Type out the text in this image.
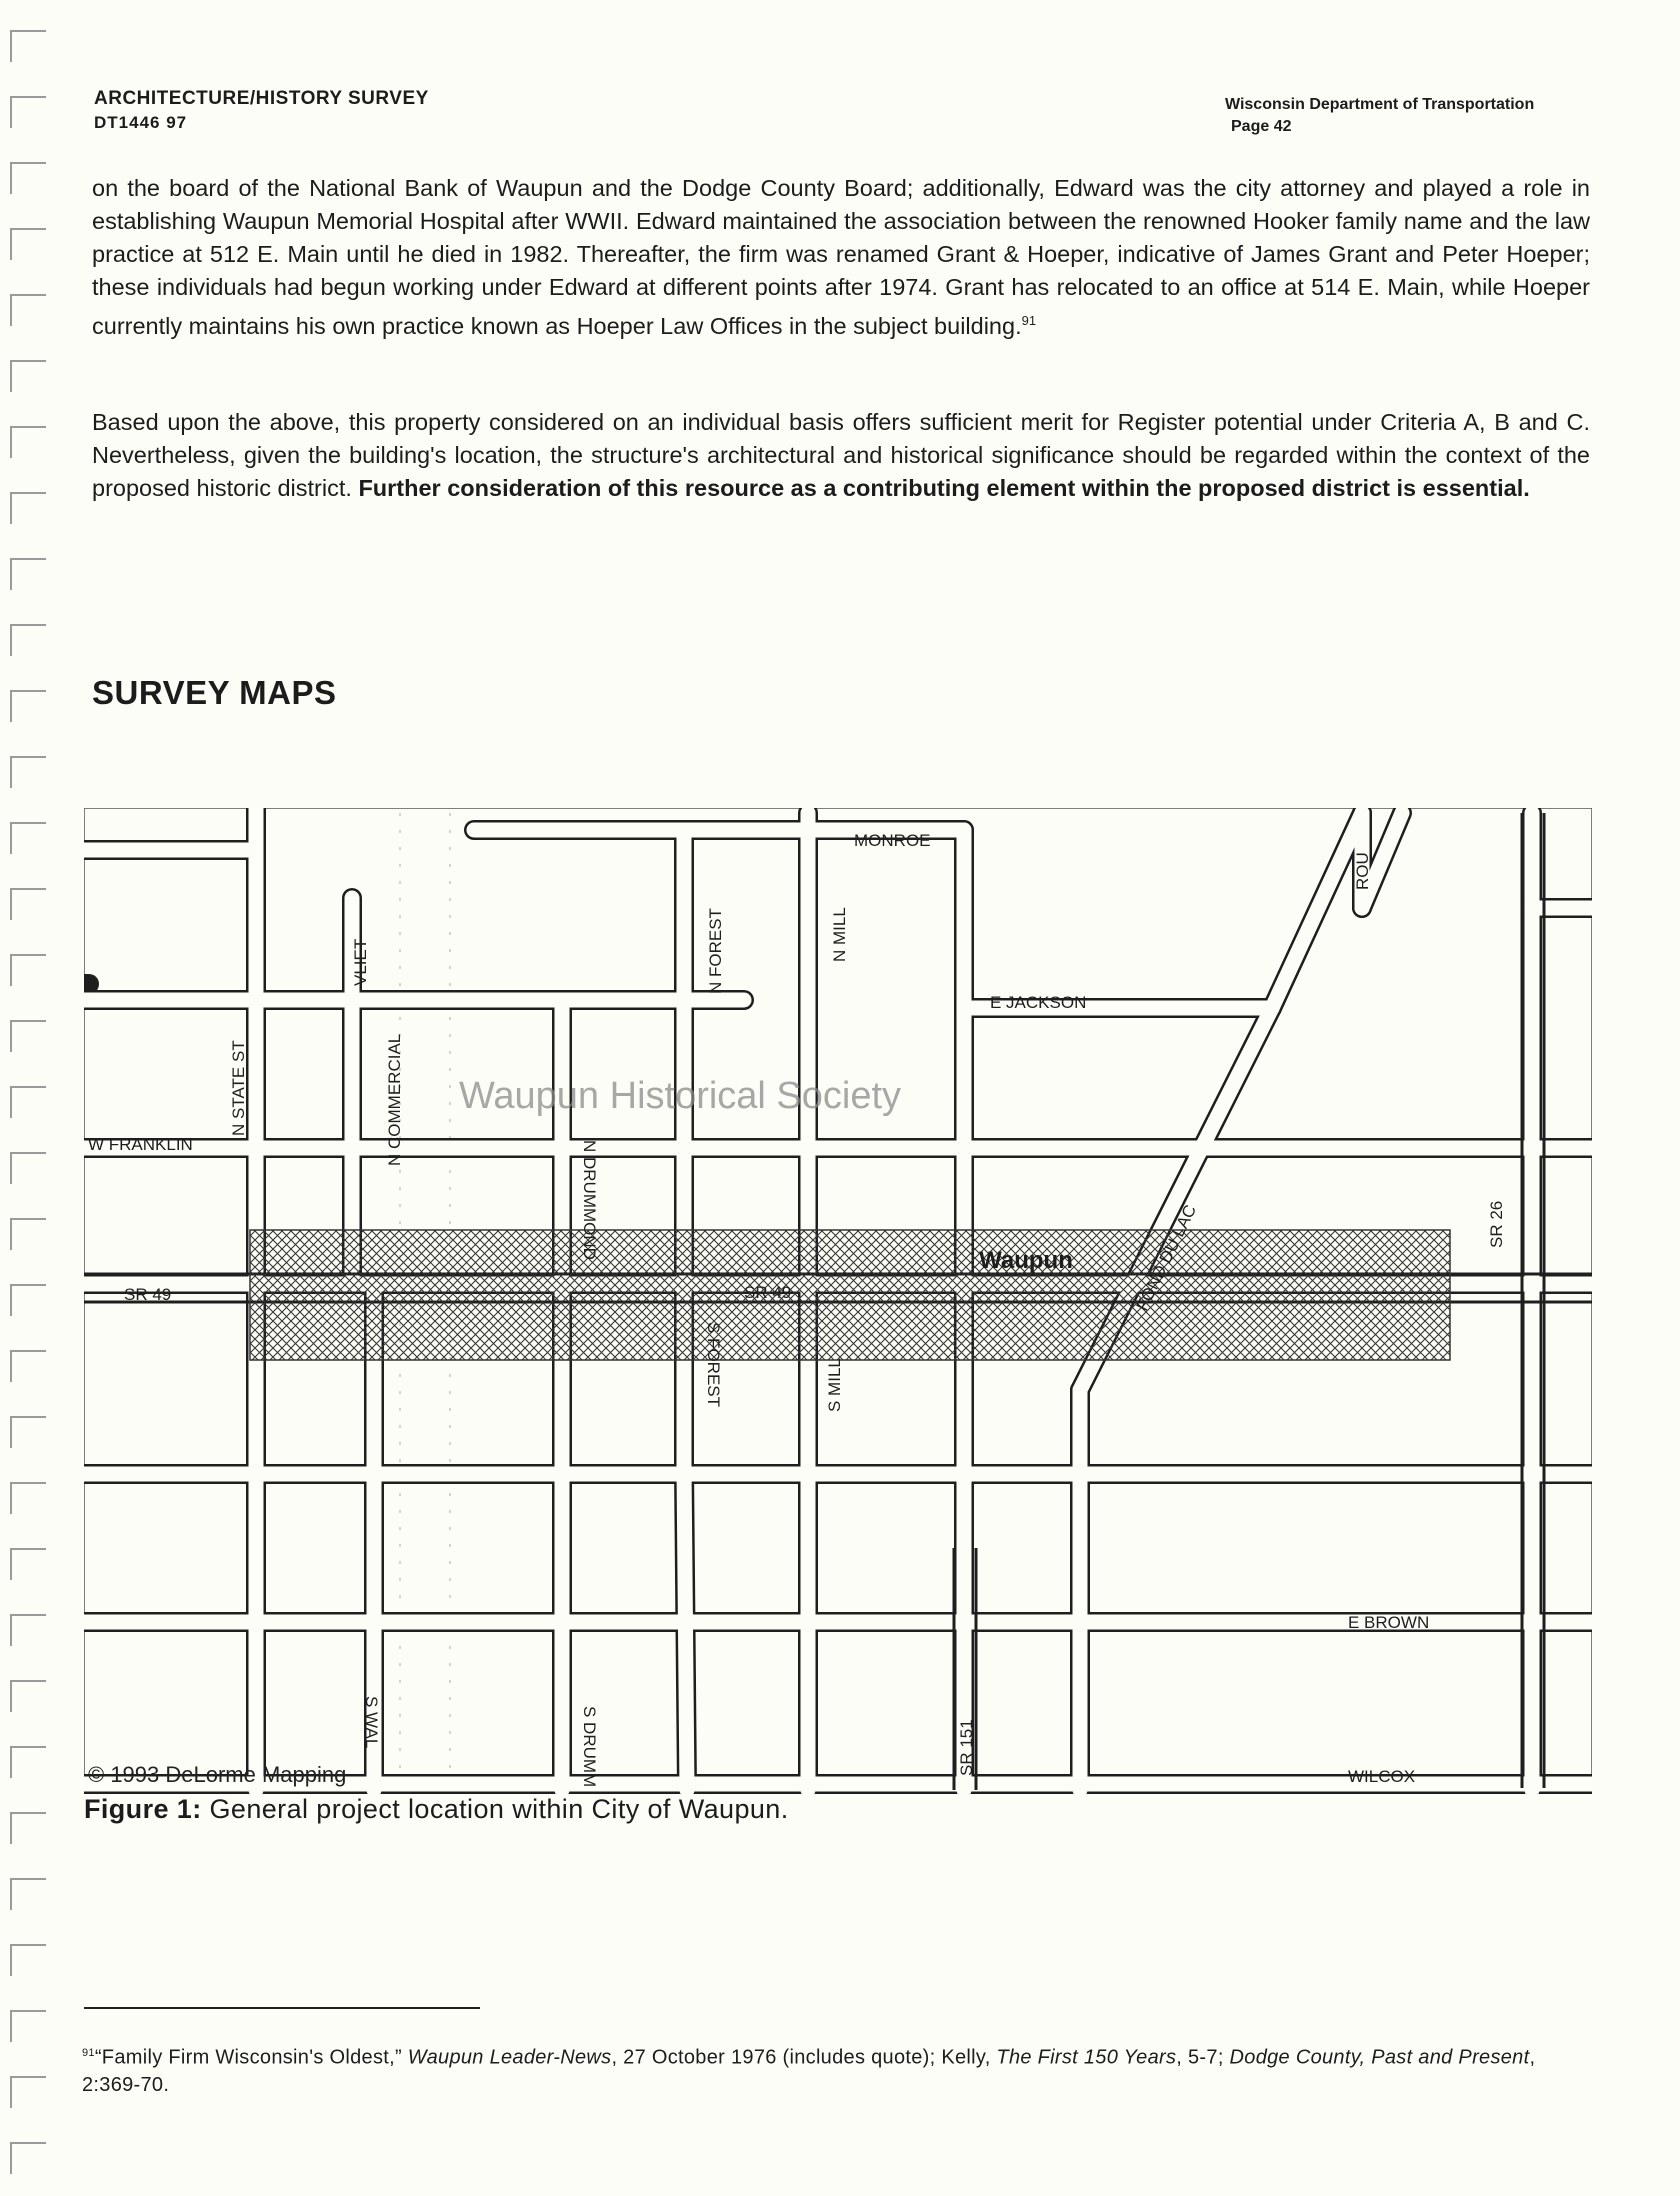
ARCHITECTURE/HISTORY SURVEY
DT1446 97
Wisconsin Department of Transportation
Page 42
on the board of the National Bank of Waupun and the Dodge County Board; additionally, Edward was the city attorney and played a role in establishing Waupun Memorial Hospital after WWII. Edward maintained the association between the renowned Hooker family name and the law practice at 512 E. Main until he died in 1982. Thereafter, the firm was renamed Grant & Hoeper, indicative of James Grant and Peter Hoeper; these individuals had begun working under Edward at different points after 1974. Grant has relocated to an office at 514 E. Main, while Hoeper currently maintains his own practice known as Hoeper Law Offices in the subject building.$^{91}$
Based upon the above, this property considered on an individual basis offers sufficient merit for Register potential under Criteria A, B and C. Nevertheless, given the building's location, the structure's architectural and historical significance should be regarded within the context of the proposed historic district. Further consideration of this resource as a contributing element within the proposed district is essential.
SURVEY MAPS
Waupun Historical Society
Waupun
MONROE
N FOREST	N MILL
ROU
VLIET
N STATE ST	N COMMERCIAL
E JACKSON
W FRANKLIN	N DRUMMOND	FOND DU LAC	SR 26
SR 49	SR 49
S FOREST	S MILL
E BROWN
S WAL	S DRUMM	SR 151
WILCOX
© 1993 DeLorme Mapping
Figure 1: General project location within City of Waupun.
$^{91}$“Family Firm Wisconsin's Oldest,” Waupun Leader-News, 27 October 1976 (includes quote); Kelly, The First 150 Years, 5-7; Dodge County, Past and Present, 2:369-70.
